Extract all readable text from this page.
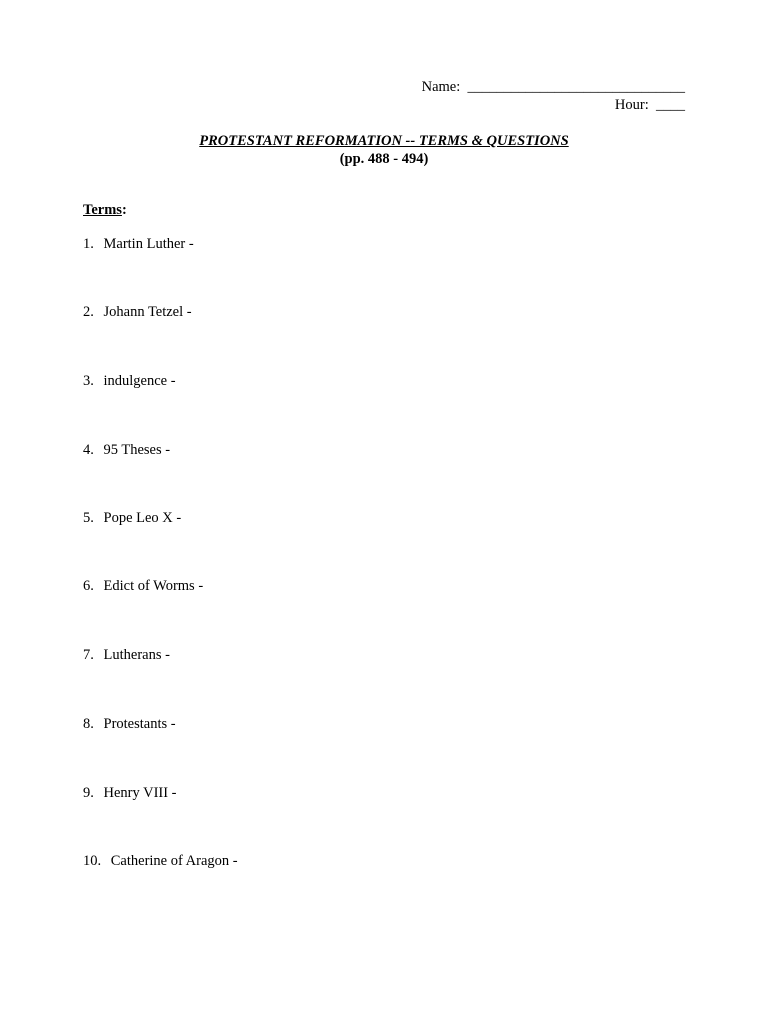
Name: ______________________________
Hour: ____
PROTESTANT REFORMATION -- TERMS & QUESTIONS
(pp. 488 - 494)
Terms:
1. Martin Luther -
2. Johann Tetzel -
3. indulgence -
4. 95 Theses -
5. Pope Leo X -
6. Edict of Worms -
7. Lutherans -
8. Protestants -
9. Henry VIII -
10. Catherine of Aragon -
